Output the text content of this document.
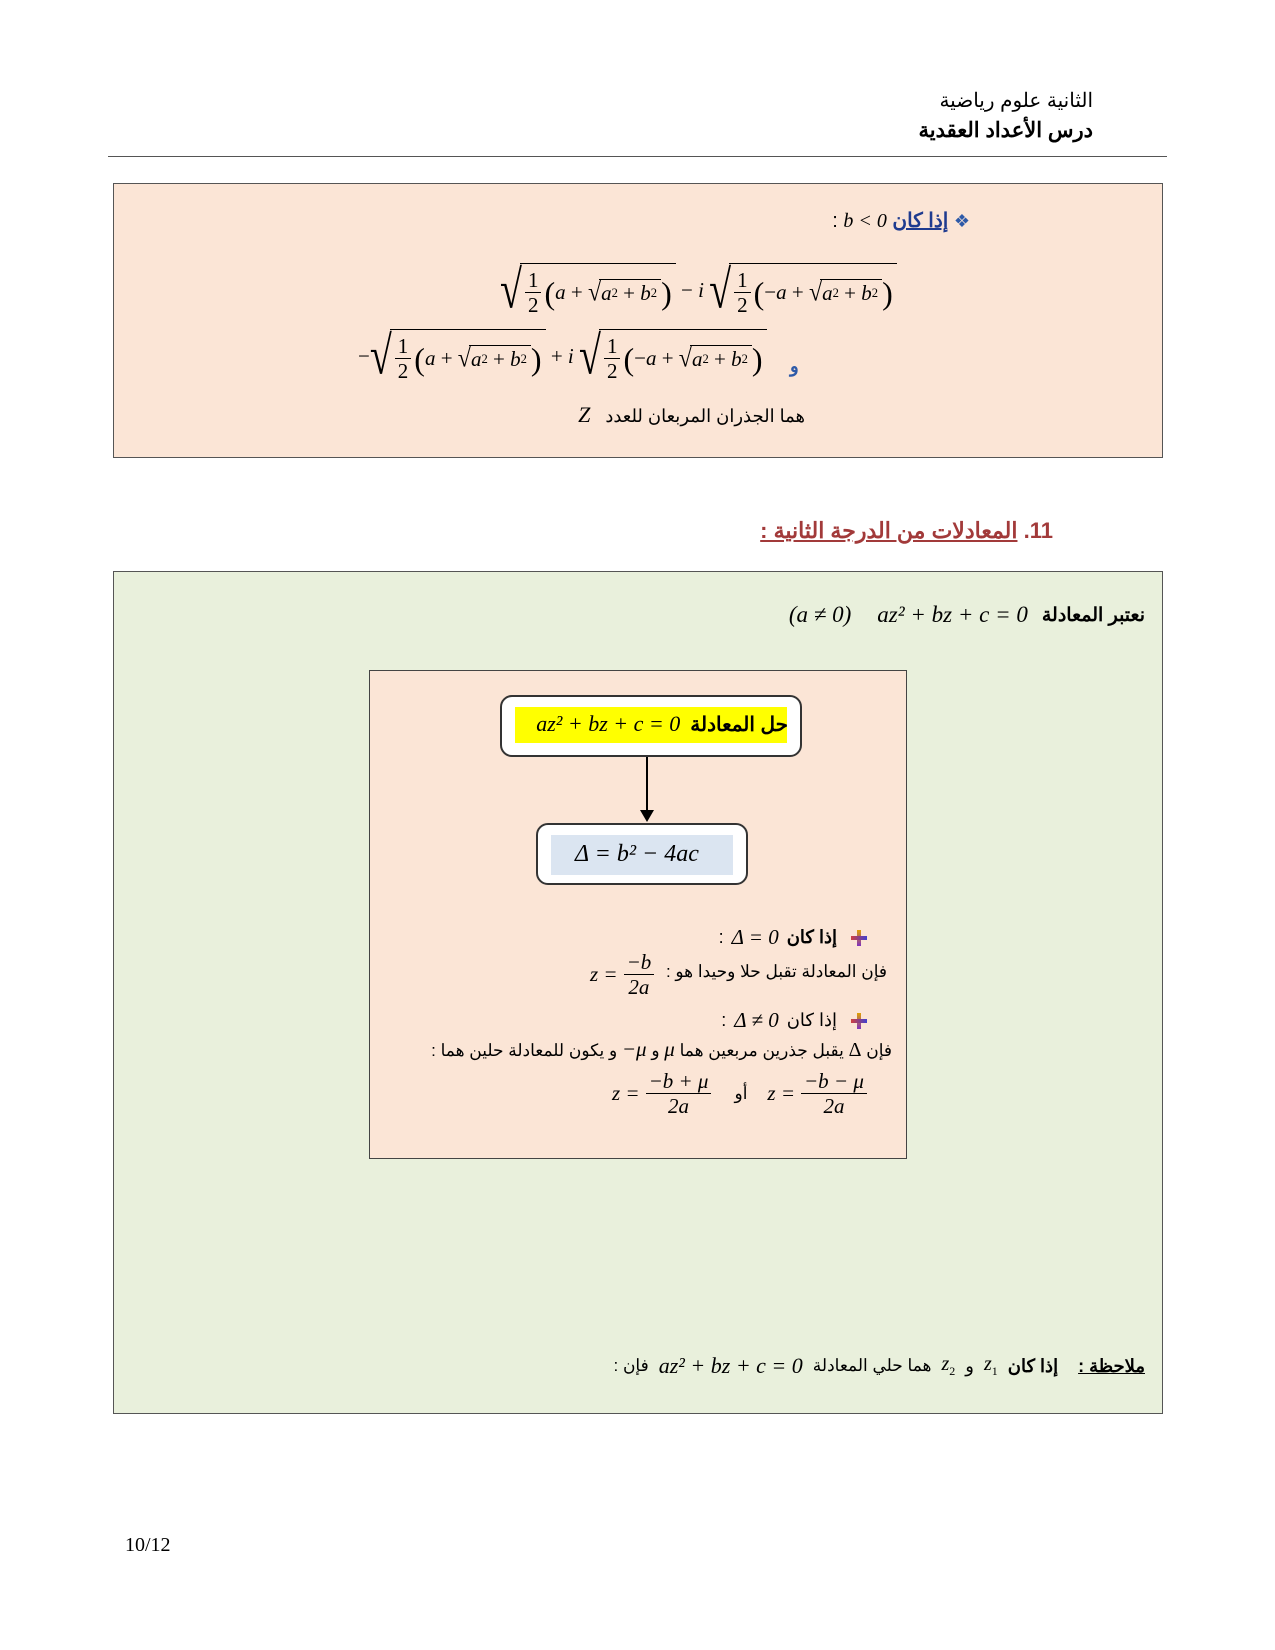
الثانية علوم رياضية
درس الأعداد العقدية
❖ إذا كان b < 0 :
√ $\frac{1}{2}$ ( a + √ a 2 + b 2 ) − i √ $\frac{1}{2}$ ( − a + √ a 2 + b 2 )
− √ $\frac{1}{2}$ ( a + √ a 2 + b 2 ) + i √ $\frac{1}{2}$ ( − a + √ a 2 + b 2 ) و
هما الجذران المربعان للعدد Z
11. المعادلات من الدرجة الثانية :
نعتبر المعادلة
az² + bz + c = 0
(a ≠ 0)
حل المعادلة
az² + bz + c = 0
Δ = b² − 4ac
إذا كان
Δ = 0
:
فإن المعادلة تقبل حلا وحيدا هو :
$z = \frac{-b}{2a}$
إذا كان
Δ ≠ 0
:
فإن Δ يقبل جذرين مربعين هما μ و −μ و يكون للمعادلة حلين هما :
$z = \frac{-b + \mu}{2a}$ أو $z = \frac{-b - \mu}{2a}$
ملاحظة :
إذا كان
$z_1$
و
$z_2$
هما حلي المعادلة
az² + bz + c = 0
فإن :
10/12
